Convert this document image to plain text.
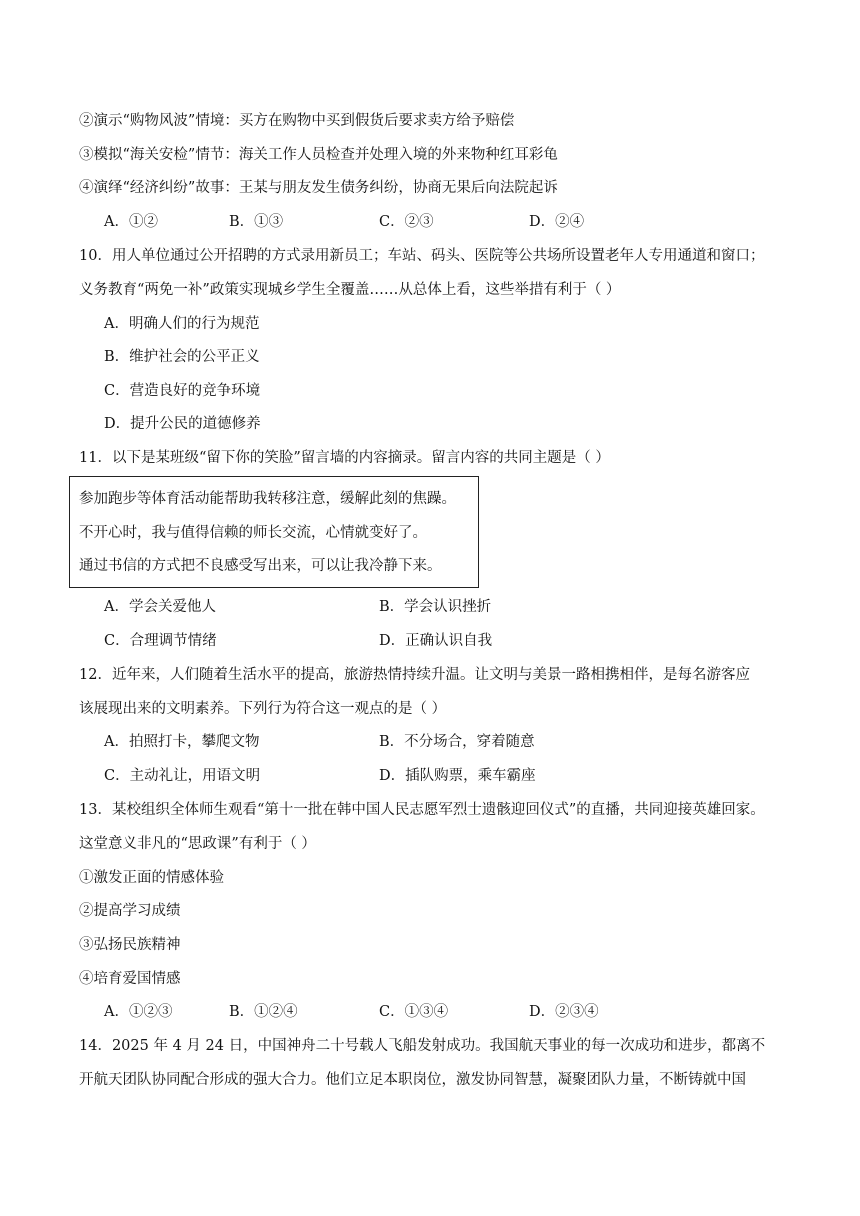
②演示“购物风波”情境：买方在购物中买到假货后要求卖方给予赔偿
③模拟“海关安检”情节：海关工作人员检查并处理入境的外来物种红耳彩龟
④演绎“经济纠纷”故事：王某与朋友发生债务纠纷，协商无果后向法院起诉
A．①②	B．①③	C．②③	D．②④
10．用人单位通过公开招聘的方式录用新员工；车站、码头、医院等公共场所设置老年人专用通道和窗口；
义务教育“两免一补”政策实现城乡学生全覆盖……从总体上看，这些举措有利于（ ）
A．明确人们的行为规范
B．维护社会的公平正义
C．营造良好的竞争环境
D．提升公民的道德修养
11．以下是某班级“留下你的笑脸”留言墙的内容摘录。留言内容的共同主题是（ ）
参加跑步等体育活动能帮助我转移注意，缓解此刻的焦躁。
不开心时，我与值得信赖的师长交流，心情就变好了。
通过书信的方式把不良感受写出来，可以让我冷静下来。
A．学会关爱他人	B．学会认识挫折
C．合理调节情绪	D．正确认识自我
12．近年来，人们随着生活水平的提高，旅游热情持续升温。让文明与美景一路相携相伴，是每名游客应
该展现出来的文明素养。下列行为符合这一观点的是（ ）
A．拍照打卡，攀爬文物	B．不分场合，穿着随意
C．主动礼让，用语文明	D．插队购票，乘车霸座
13．某校组织全体师生观看“第十一批在韩中国人民志愿军烈士遗骸迎回仪式”的直播，共同迎接英雄回家。
这堂意义非凡的“思政课”有利于（ ）
①激发正面的情感体验
②提高学习成绩
③弘扬民族精神
④培育爱国情感
A．①②③	B．①②④	C．①③④	D．②③④
14．2025 年 4 月 24 日，中国神舟二十号载人飞船发射成功。我国航天事业的每一次成功和进步，都离不
开航天团队协同配合形成的强大合力。他们立足本职岗位，激发协同智慧，凝聚团队力量，不断铸就中国
